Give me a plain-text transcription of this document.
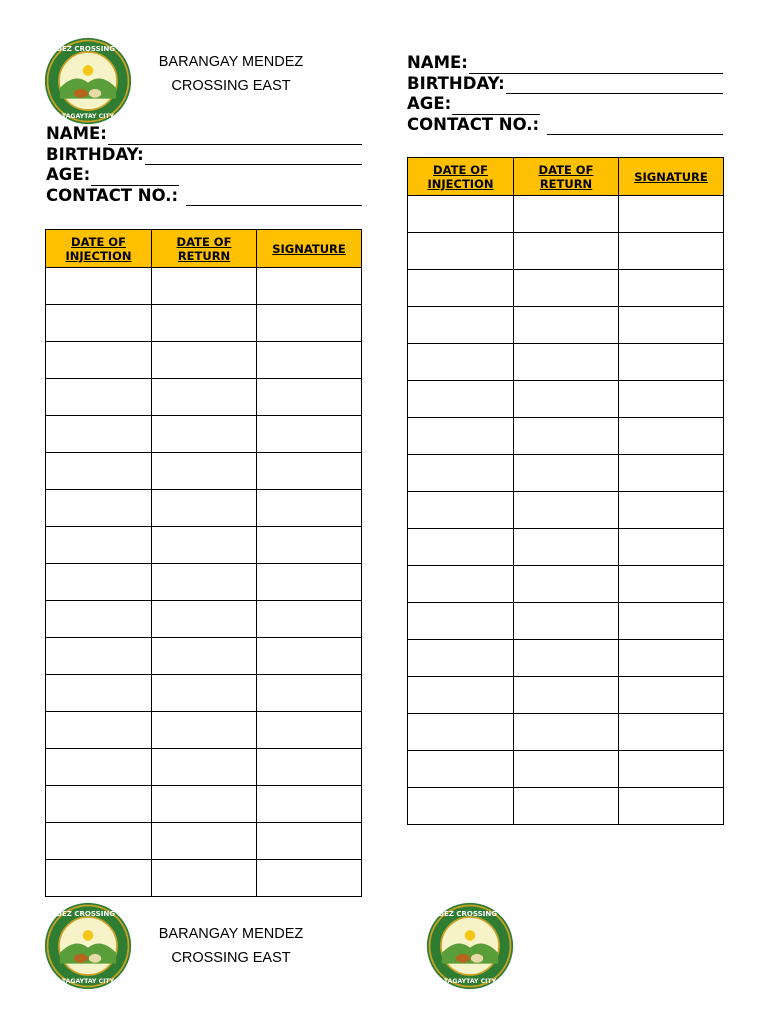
MENDEZ CROSSING EAST
TAGAYTAY CITY
BARANGAY MENDEZ
CROSSING EAST
NAME:
BIRTHDAY:
AGE:
CONTACT NO.:
DATE OF INJECTION	DATE OF RETURN	SIGNATURE

MENDEZ CROSSING EAST
TAGAYTAY CITY
BARANGAY MENDEZ
CROSSING EAST
NAME:
BIRTHDAY:
AGE:
CONTACT NO.:
DATE OF INJECTION	DATE OF RETURN	SIGNATURE

MENDEZ CROSSING EAST
TAGAYTAY CITY
